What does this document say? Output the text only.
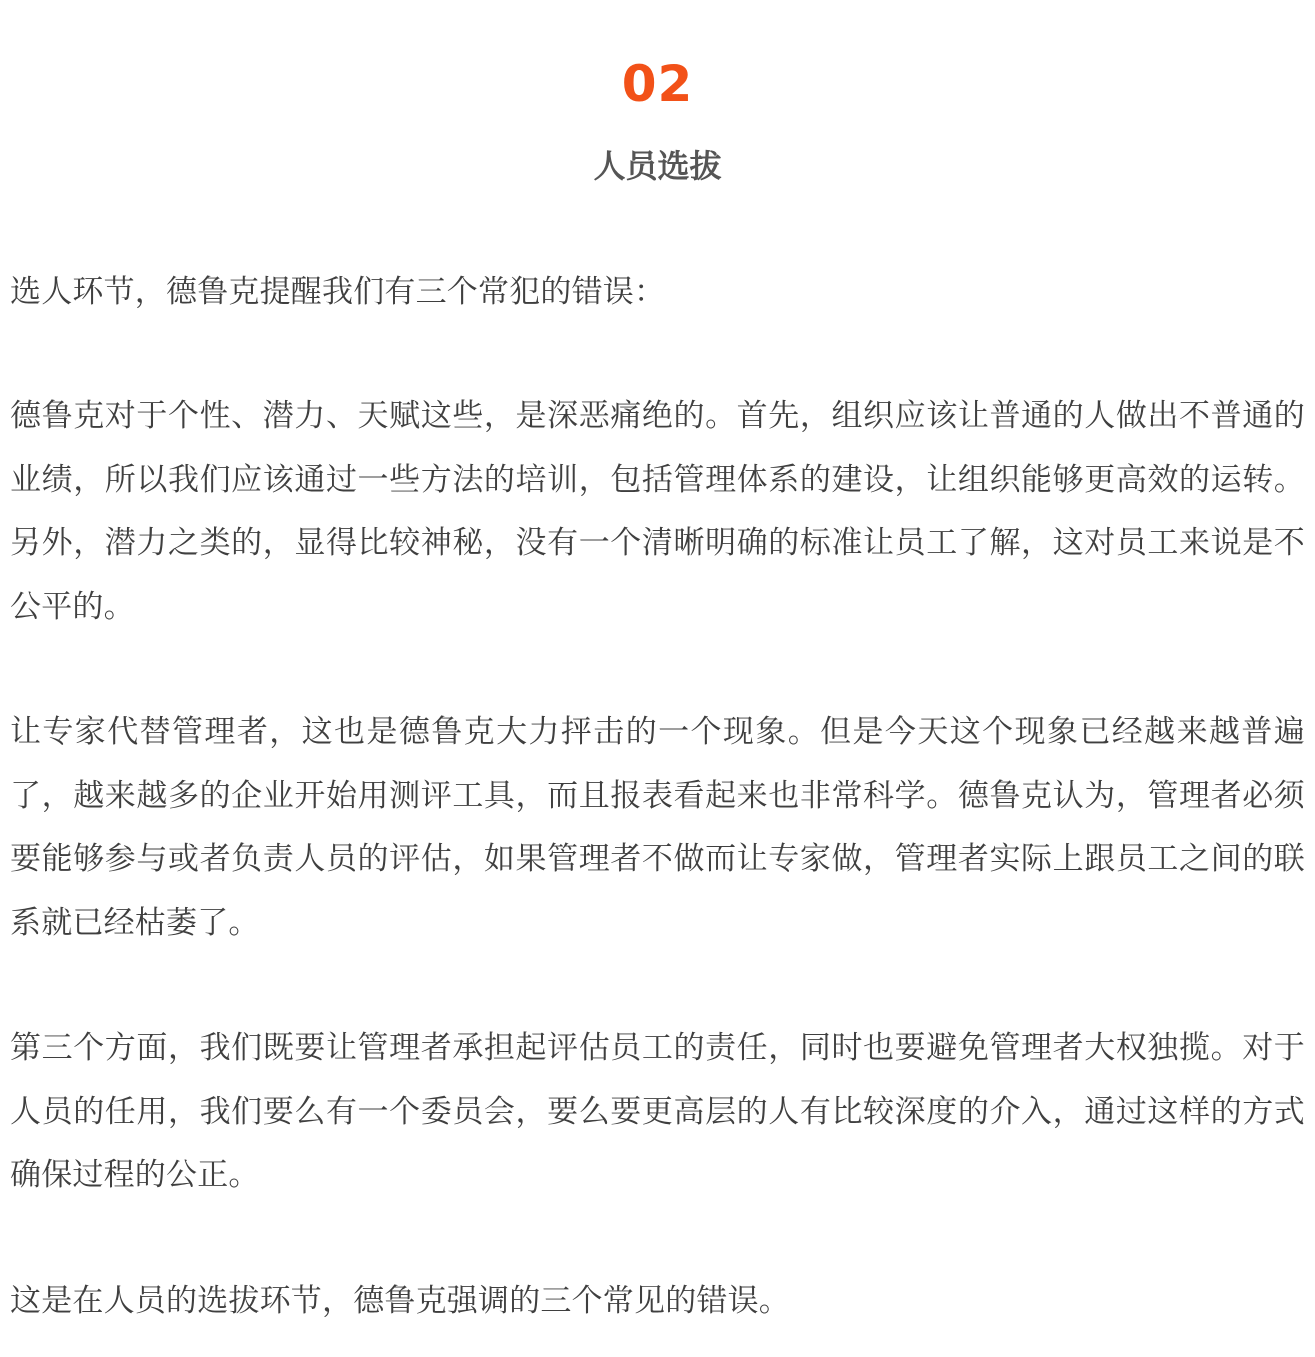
02
人员选拔

选人环节，德鲁克提醒我们有三个常犯的错误：

德鲁克对于个性、潜力、天赋这些，是深恶痛绝的。首先，组织应该让普通的人做出不普通的业绩，所以我们应该通过一些方法的培训，包括管理体系的建设，让组织能够更高效的运转。另外，潜力之类的，显得比较神秘，没有一个清晰明确的标准让员工了解，这对员工来说是不公平的。

让专家代替管理者，这也是德鲁克大力抨击的一个现象。但是今天这个现象已经越来越普遍了，越来越多的企业开始用测评工具，而且报表看起来也非常科学。德鲁克认为，管理者必须要能够参与或者负责人员的评估，如果管理者不做而让专家做，管理者实际上跟员工之间的联系就已经枯萎了。

第三个方面，我们既要让管理者承担起评估员工的责任，同时也要避免管理者大权独揽。对于人员的任用，我们要么有一个委员会，要么要更高层的人有比较深度的介入，通过这样的方式确保过程的公正。

这是在人员的选拔环节，德鲁克强调的三个常见的错误。
